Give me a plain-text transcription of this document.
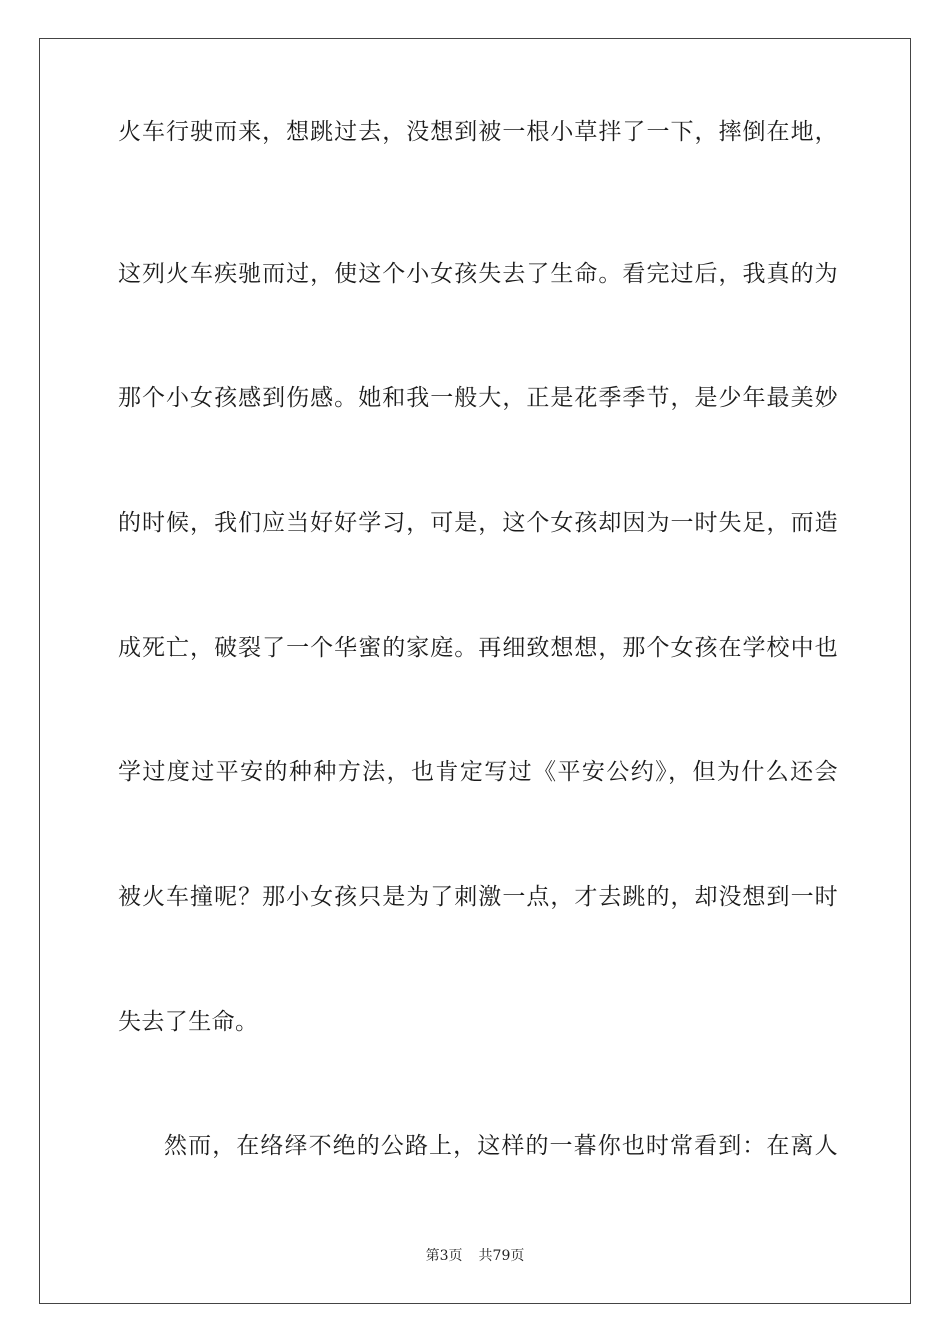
火车行驶而来，想跳过去，没想到被一根小草拌了一下，摔倒在地，
这列火车疾驰而过，使这个小女孩失去了生命。看完过后，我真的为
那个小女孩感到伤感。她和我一般大，正是花季季节，是少年最美妙
的时候，我们应当好好学习，可是，这个女孩却因为一时失足，而造
成死亡，破裂了一个华蜜的家庭。再细致想想，那个女孩在学校中也
学过度过平安的种种方法，也肯定写过《平安公约》，但为什么还会
被火车撞呢？那小女孩只是为了刺激一点，才去跳的，却没想到一时
失去了生命。
然而，在络绎不绝的公路上，这样的一暮你也时常看到：在离人
第3页 共79页
